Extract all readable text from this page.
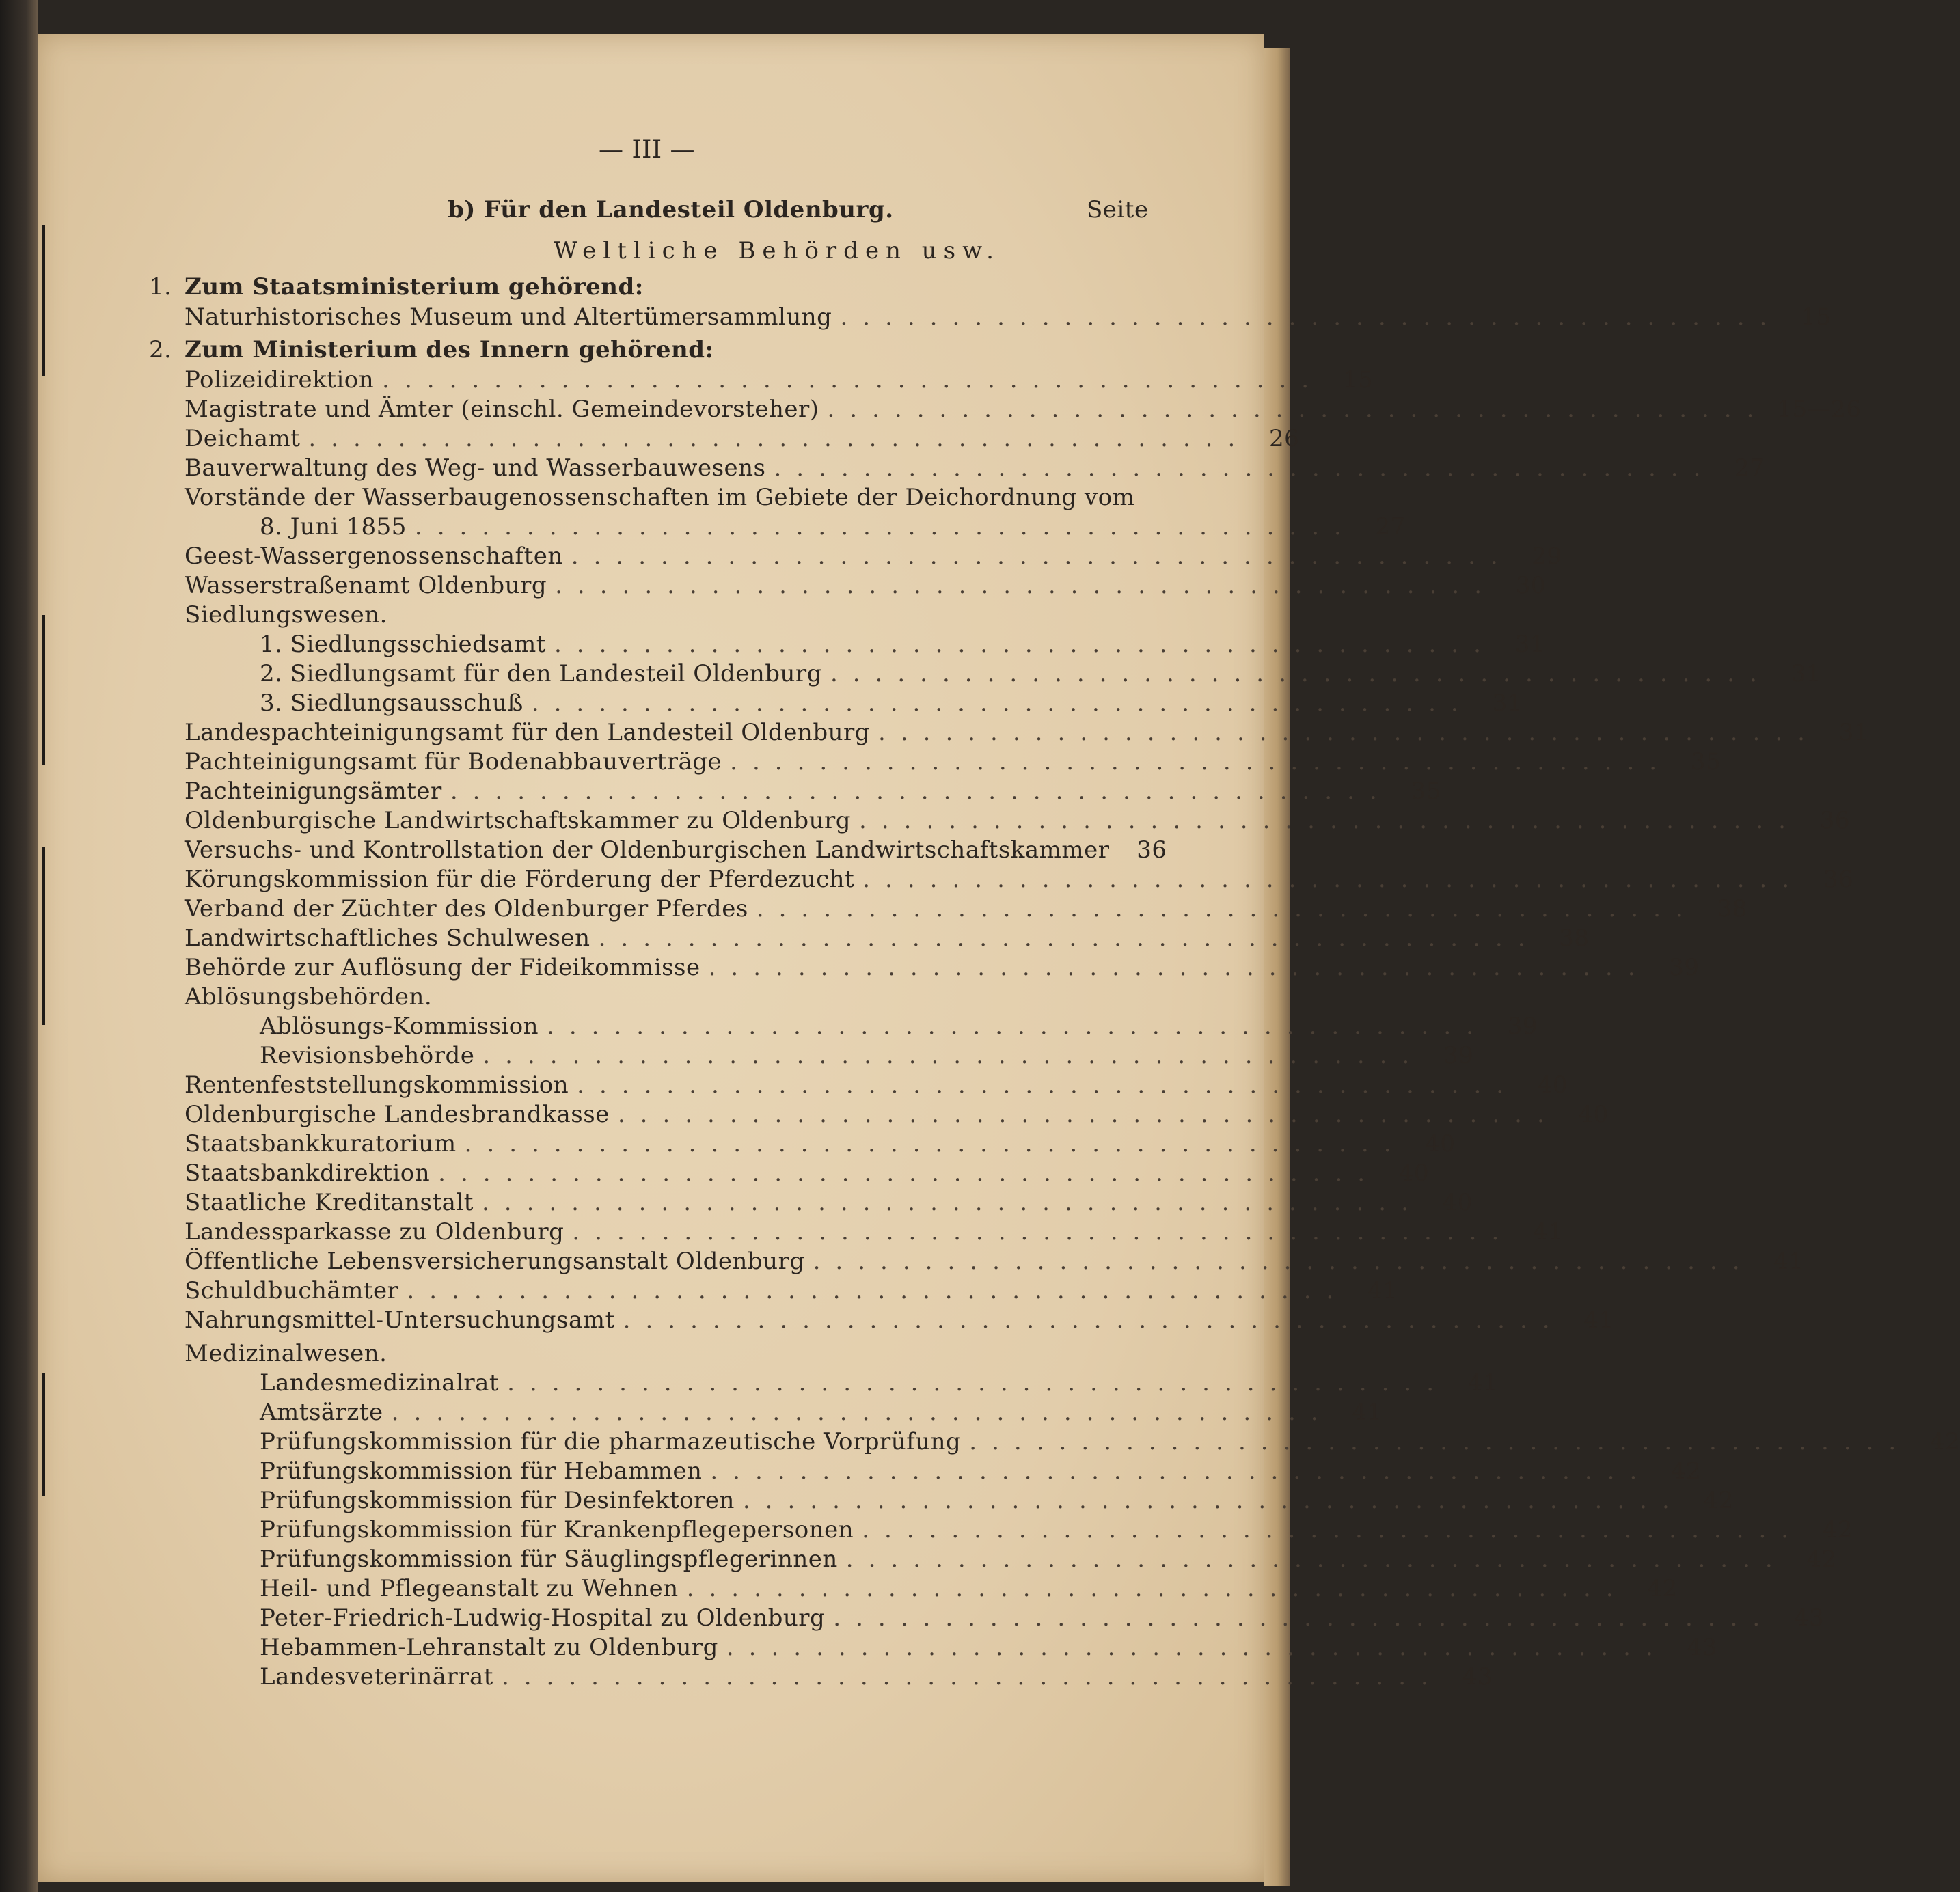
— III —
b) Für den Landesteil Oldenburg.	Seite
Weltliche Behörden usw.
1. Zum Staatsministerium gehörend:
Naturhistorisches Museum und Altertümersammlung .......................................... 15
2. Zum Ministerium des Innern gehörend:
Polizeidirektion .......................................... 15
Magistrate und Ämter (einschl. Gemeindevorsteher) .......................................... 15—26
Deichamt .......................................... 26
Bauverwaltung des Weg- und Wasserbauwesens .......................................... 27
Vorstände der Wasserbaugenossenschaften im Gebiete der Deichordnung vom
8. Juni 1855 .......................................... 27
Geest-Wassergenossenschaften .......................................... 29
Wasserstraßenamt Oldenburg .......................................... 30
Siedlungswesen.
1. Siedlungsschiedsamt .......................................... 31
2. Siedlungsamt für den Landesteil Oldenburg .......................................... 31
3. Siedlungsausschuß .......................................... 31
Landespachteinigungsamt für den Landesteil Oldenburg .......................................... 31
Pachteinigungsamt für Bodenabbauverträge .......................................... 35
Pachteinigungsämter .......................................... 35
Oldenburgische Landwirtschaftskammer zu Oldenburg .......................................... 36
Versuchs- und Kontrollstation der Oldenburgischen Landwirtschaftskammer	36
Körungskommission für die Förderung der Pferdezucht .......................................... 36
Verband der Züchter des Oldenburger Pferdes .......................................... 38
Landwirtschaftliches Schulwesen .......................................... 38
Behörde zur Auflösung der Fideikommisse .......................................... 39
Ablösungsbehörden.
Ablösungs-Kommission .......................................... 39
Revisionsbehörde .......................................... 39
Rentenfeststellungskommission .......................................... 40
Oldenburgische Landesbrandkasse .......................................... 40
Staatsbankkuratorium .......................................... 40
Staatsbankdirektion .......................................... 40
Staatliche Kreditanstalt .......................................... 40
Landessparkasse zu Oldenburg .......................................... 41
Öffentliche Lebensversicherungsanstalt Oldenburg .......................................... 41
Schuldbuchämter .......................................... 41
Nahrungsmittel-Untersuchungsamt .......................................... 41
Medizinalwesen.
Landesmedizinalrat .......................................... 41
Amtsärzte .......................................... 41
Prüfungskommission für die pharmazeutische Vorprüfung .......................................... 42
Prüfungskommission für Hebammen .......................................... 42
Prüfungskommission für Desinfektoren .......................................... 42
Prüfungskommission für Krankenpflegepersonen .......................................... 42
Prüfungskommission für Säuglingspflegerinnen .......................................... 42
Heil- und Pflegeanstalt zu Wehnen .......................................... 42
Peter-Friedrich-Ludwig-Hospital zu Oldenburg .......................................... 43
Hebammen-Lehranstalt zu Oldenburg .......................................... 43
Landesveterinärrat .......................................... 43
